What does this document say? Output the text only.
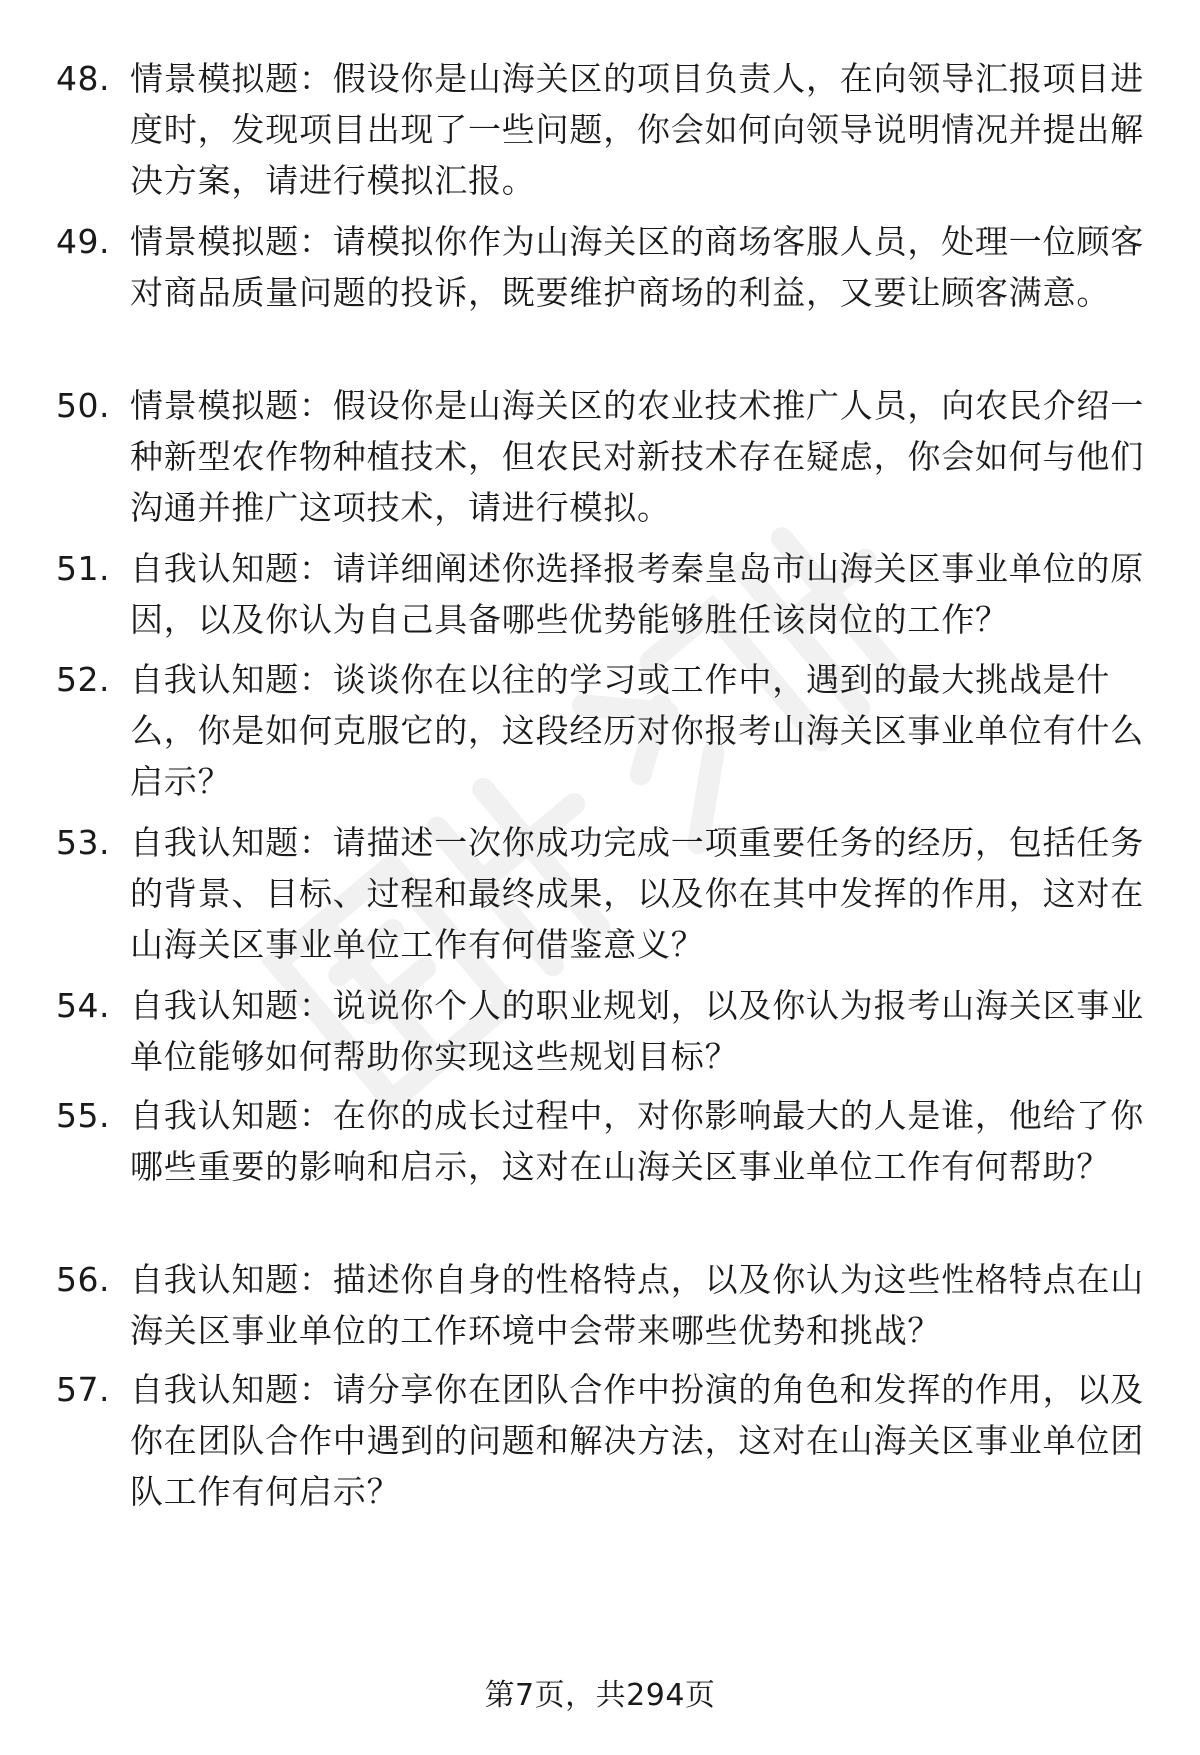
48. 情景模拟题：假设你是山海关区的项目负责人，在向领导汇报项目进度时，发现项目出现了一些问题，你会如何向领导说明情况并提出解决方案，请进行模拟汇报。

49. 情景模拟题：请模拟你作为山海关区的商场客服人员，处理一位顾客对商品质量问题的投诉，既要维护商场的利益，又要让顾客满意。

50. 情景模拟题：假设你是山海关区的农业技术推广人员，向农民介绍一种新型农作物种植技术，但农民对新技术存在疑虑，你会如何与他们沟通并推广这项技术，请进行模拟。

51. 自我认知题：请详细阐述你选择报考秦皇岛市山海关区事业单位的原因，以及你认为自己具备哪些优势能够胜任该岗位的工作？

52. 自我认知题：谈谈你在以往的学习或工作中，遇到的最大挑战是什么，你是如何克服它的，这段经历对你报考山海关区事业单位有什么启示？

53. 自我认知题：请描述一次你成功完成一项重要任务的经历，包括任务的背景、目标、过程和最终成果，以及你在其中发挥的作用，这对在山海关区事业单位工作有何借鉴意义？

54. 自我认知题：说说你个人的职业规划，以及你认为报考山海关区事业单位能够如何帮助你实现这些规划目标？

55. 自我认知题：在你的成长过程中，对你影响最大的人是谁，他给了你哪些重要的影响和启示，这对在山海关区事业单位工作有何帮助？

56. 自我认知题：描述你自身的性格特点，以及你认为这些性格特点在山海关区事业单位的工作环境中会带来哪些优势和挑战？

57. 自我认知题：请分享你在团队合作中扮演的角色和发挥的作用，以及你在团队合作中遇到的问题和解决方法，这对在山海关区事业单位团队工作有何启示？

第7页，共294页
